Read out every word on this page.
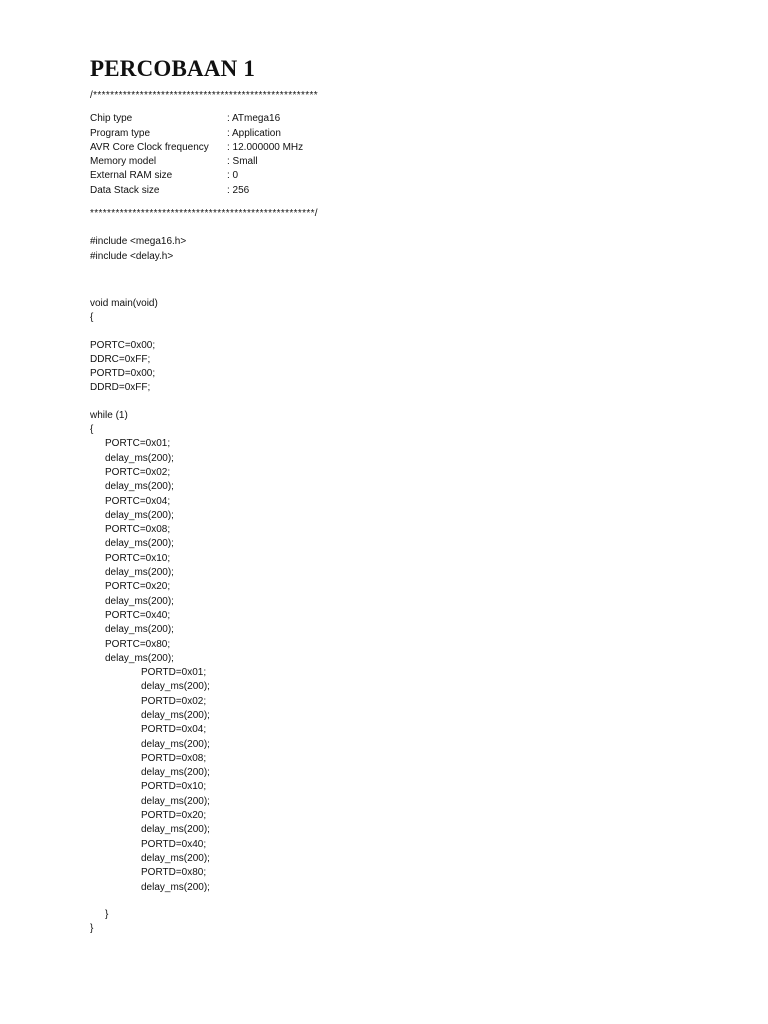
PERCOBAAN 1
/*****************************************************
Chip type	: ATmega16
Program type	: Application
AVR Core Clock frequency	: 12.000000 MHz
Memory model	: Small
External RAM size	: 0
Data Stack size	: 256
*****************************************************/
#include <mega16.h>
#include <delay.h>
void main(void)
{
PORTC=0x00;
DDRC=0xFF;
PORTD=0x00;
DDRD=0xFF;
while (1)
{
PORTC=0x01;
delay_ms(200);
PORTC=0x02;
delay_ms(200);
PORTC=0x04;
delay_ms(200);
PORTC=0x08;
delay_ms(200);
PORTC=0x10;
delay_ms(200);
PORTC=0x20;
delay_ms(200);
PORTC=0x40;
delay_ms(200);
PORTC=0x80;
delay_ms(200);
PORTD=0x01;
delay_ms(200);
PORTD=0x02;
delay_ms(200);
PORTD=0x04;
delay_ms(200);
PORTD=0x08;
delay_ms(200);
PORTD=0x10;
delay_ms(200);
PORTD=0x20;
delay_ms(200);
PORTD=0x40;
delay_ms(200);
PORTD=0x80;
delay_ms(200);
}
}
